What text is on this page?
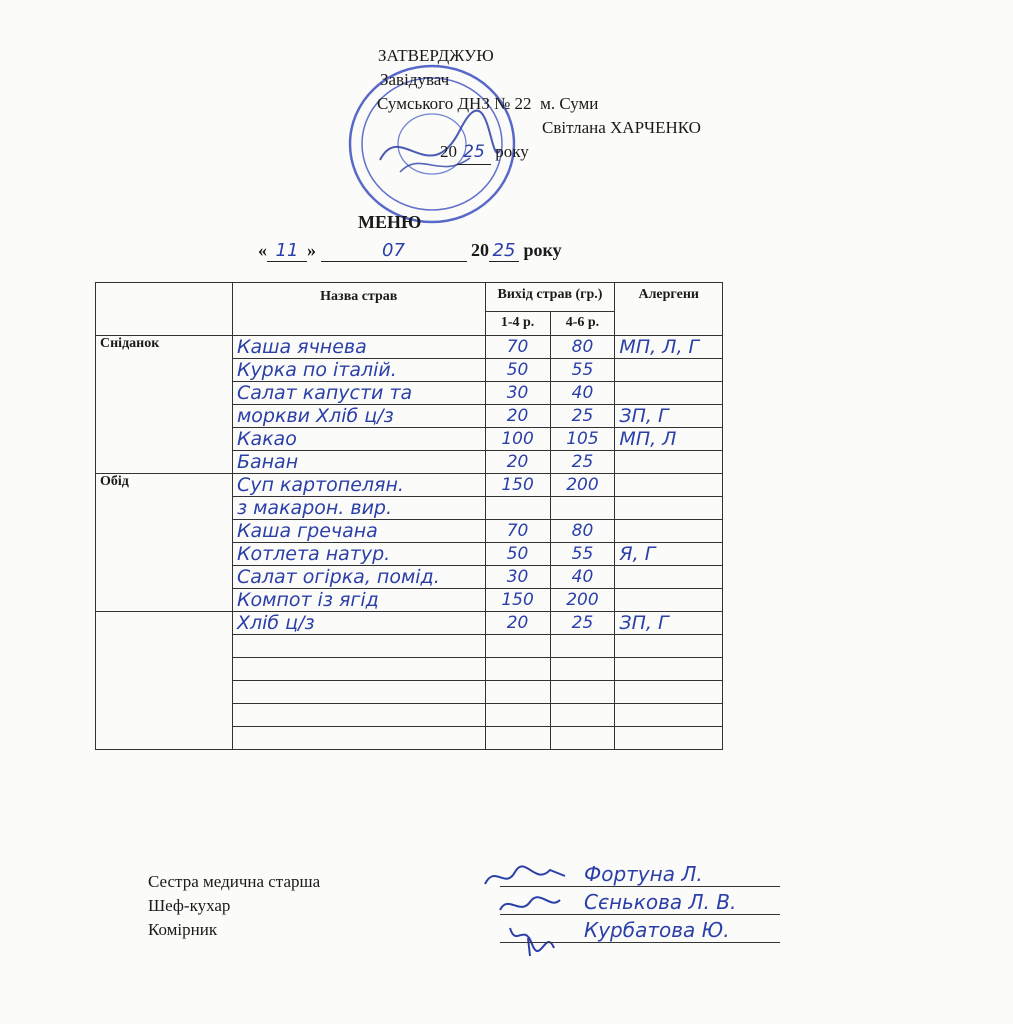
ЗАТВЕРДЖУЮ
Завідувач
Сумського ДНЗ № 22 м. Суми
Світлана ХАРЧЕНКО
20 25 року
МЕНЮ
« 11 »	07	20 25 року
	Назва страв	Вихід страв (гр.)		Алергени
		1-4 р.	4-6 р.	
Сніданок	Каша ячнева	70	80	МП, Л, Г
	Курка по італій.	50	55	
	Салат капусти та	30	40	
	моркви Хліб ц/з	20	25	ЗП, Г
	Какао	100	105	МП, Л
	Банан	20	25	
Обід	Суп картопелян.	150	200	
	з макарон. вир.			
	Каша гречана	70	80	
	Котлета натур.	50	55	Я, Г
	Салат огірка, помід.	30	40	
	Компот із ягід	150	200	
	Хліб ц/з	20	25	ЗП, Г

Сестра медична старша
Шеф-кухар
Комірник
Фортуна Л.
Сєнькова Л. В.
Курбатова Ю.
